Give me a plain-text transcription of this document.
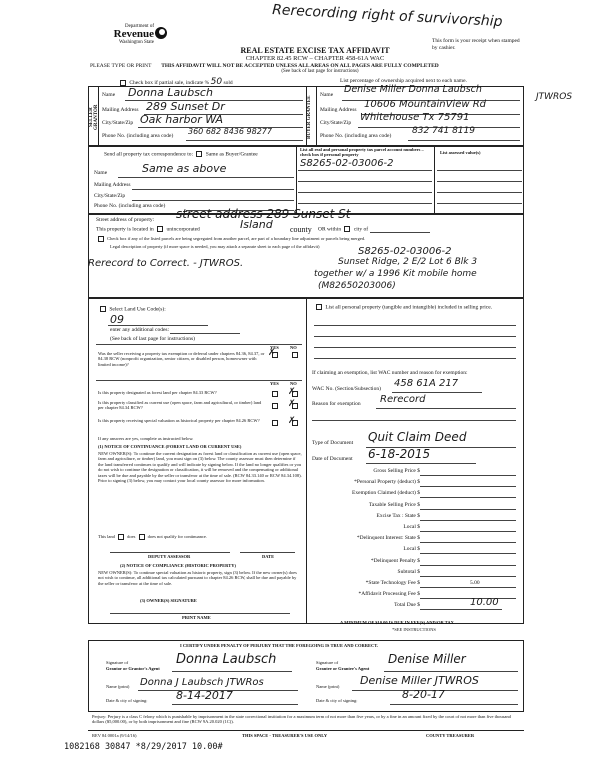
Rerecording right of survivorship
Department of
Revenue
Washington State
REAL ESTATE EXCISE TAX AFFIDAVIT
CHAPTER 82.45 RCW – CHAPTER 458-61A WAC
THIS AFFIDAVIT WILL NOT BE ACCEPTED UNLESS ALL AREAS ON ALL PAGES ARE FULLY COMPLETED
(See back of last page for instructions)
PLEASE TYPE OR PRINT
This form is your receipt when stamped by cashier.
Check box if partial sale, indicate % 50 sold	List percentage of ownership acquired next to each name.
SELLER GRANTOR	BUYER GRANTEE
Name Donna Laubsch
Mailing Address 289 Sunset Dr
City/State/Zip Oak harbor WA
Phone No. (including area code) 360 682 8436 98277
Name Denise Miller Donna Laubsch
JTWROS
Mailing Address 10606 MountainView Rd
City/State/Zip Whitehouse Tx 75791
Phone No. (including area code) 832 741 8119
Send all property tax correspondence to: Same as Buyer/Grantee
Name	Same as above
Mailing Address
City/State/Zip
Phone No. (including area code)
List all real and personal property tax parcel account numbers – check box if personal property
S8265-02-03006-2
List assessed value(s)
Street address of property: street address 289 Sunset St
This property is located in unincorporated	Island county OR within city of
Check box if any of the listed parcels are being segregated from another parcel, are part of a boundary line adjustment or parcels being merged.
Legal description of property (if more space is needed, you may attach a separate sheet to each page of the affidavit)	S8265-02-03006-2
Rerecord to Correct. - JTWROS.	Sunset Ridge, 2 E/2 Lot 6 Blk 3
together w/ a 1996 Kit mobile home
(M82650203006)
Select Land Use Code(s):
09
enter any additional codes:
(See back of last page for instructions)
YES NO
Was the seller receiving a property tax exemption or deferral under chapters 84.36, 84.37, or 84.38 RCW (nonprofit organization, senior citizen, or disabled person, homeowner with limited income)?
✗
YES NO
Is this property designated as forest land per chapter 84.33 RCW?	✗
Is this property classified as current use (open space, farm and agricultural, or timber) land per chapter 84.34 RCW?	✗
Is this property receiving special valuation as historical property per chapter 84.26 RCW?	✗
If any answers are yes, complete as instructed below.
(1) NOTICE OF CONTINUANCE (FOREST LAND OR CURRENT USE)
NEW OWNER(S): To continue the current designation as forest land or classification as current use (open space, farm and agriculture, or timber) land, you must sign on (3) below. The county assessor must then determine if the land transferred continues to qualify and will indicate by signing below. If the land no longer qualifies or you do not wish to continue the designation or classification, it will be removed and the compensating or additional taxes will be due and payable by the seller or transferor at the time of sale. (RCW 84.33.140 or RCW 84.34.108). Prior to signing (3) below, you may contact your local county assessor for more information.
This land	does	does not qualify for continuance.
DEPUTY ASSESSOR	DATE
(2) NOTICE OF COMPLIANCE (HISTORIC PROPERTY)
NEW OWNER(S): To continue special valuation as historic property, sign (3) below. If the new owner(s) does not wish to continue, all additional tax calculated pursuant to chapter 84.26 RCW, shall be due and payable by the seller or transferor at the time of sale.
(3) OWNER(S) SIGNATURE
PRINT NAME
List all personal property (tangible and intangible) included in selling price.
If claiming an exemption, list WAC number and reason for exemption:
WAC No. (Section/Subsection) 458 61A 217
Reason for exemption Rerecord
Type of Document Quit Claim Deed
Date of Document 6-18-2015
Gross Selling Price $
*Personal Property (deduct) $
Exemption Claimed (deduct) $
Taxable Selling Price $
Excise Tax : State $
Local $
*Delinquent Interest: State $
Local $
*Delinquent Penalty $
Subtotal $
*State Technology Fee $	5.00
*Affidavit Processing Fee $
Total Due $	10.00
A MINIMUM OF $10.00 IS DUE IN FEE(S) AND/OR TAX
*SEE INSTRUCTIONS
I CERTIFY UNDER PENALTY OF PERJURY THAT THE FOREGOING IS TRUE AND CORRECT.
Signature of
Grantor or Grantor's Agent
Donna Laubsch
Name (print) Donna J Laubsch JTWRos
Date & city of signing:	8-14-2017
Signature of
Grantee or Grantee's Agent
Denise Miller
Name (print) Denise Miller JTWROS
Date & city of signing:	8-20-17
Perjury: Perjury is a class C felony which is punishable by imprisonment in the state correctional institution for a maximum term of not more than five years, or by a fine in an amount fixed by the court of not more than five thousand dollars ($5,000.00), or by both imprisonment and fine (RCW 9A.20.020 (1C)).
REV 84 0001a (9/14/16)	THIS SPACE - TREASURER'S USE ONLY	COUNTY TREASURER
1082168 30847 *8/29/2017 10.00#
